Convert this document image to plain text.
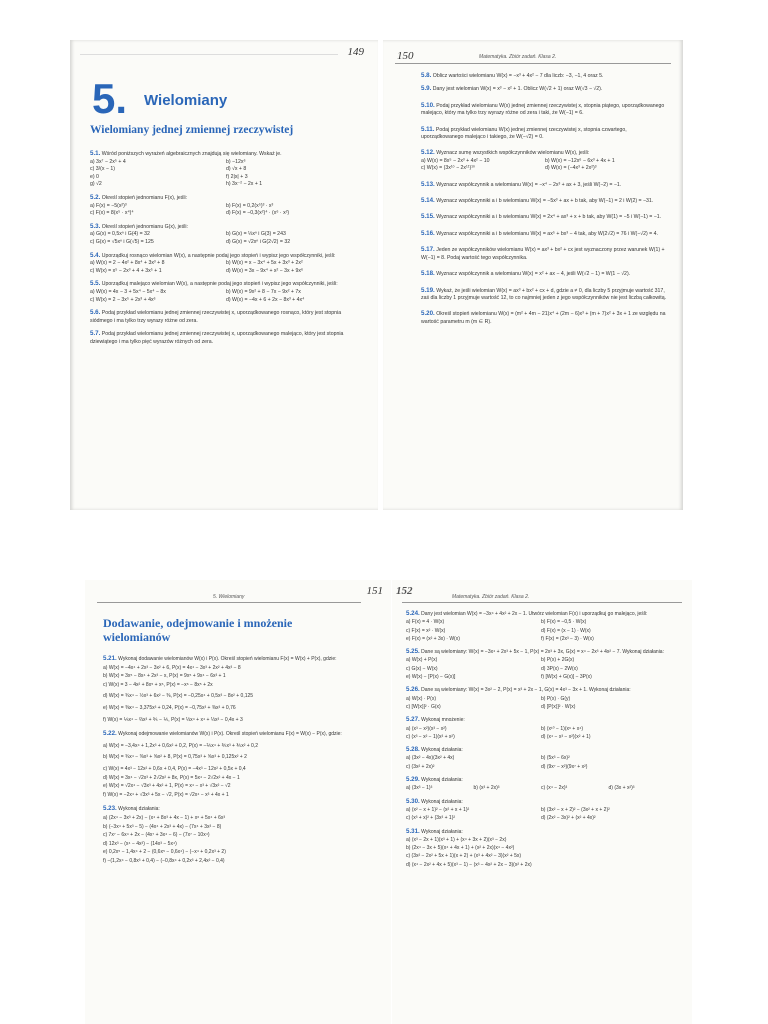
149
5. Wielomiany
Wielomiany jednej zmiennej rzeczywistej
5.1. Wśród poniższych wyrażeń algebraicznych znajdują się wielomiany. Wskaż je.
a) 3x⁷ − 2x⁵ + 4	b) −12x⁶
c) 3/(x − 1)	d) √x + 8
e) 0	f) 2|x| + 3
g) √2	h) 3x⁻² − 2x + 1
5.2. Określ stopień jednomianu F(x), jeśli:
a) F(x) = −5(x²)³	b) F(x) = 0,2(x⁵)³ · x³
c) F(x) = 8(x⁵ · x⁴)⁴	d) F(x) = −0,3(x²)⁴ · (x⁶ · x²)
5.3. Określ stopień jednomianu G(x), jeśli:
a) G(x) = 0,5xⁿ i G(4) = 32	b) G(x) = ⅓xⁿ i G(3) = 243
c) G(x) = √5xⁿ i G(√5) = 125	d) G(x) = √2xⁿ i G(2√2) = 32
5.4. Uporządkuj rosnąco wielomian W(x), a następnie podaj jego stopień i wypisz jego współczynniki, jeśli:
a) W(x) = 2 − 4x² + 8x⁴ + 3x³ + 8	b) W(x) = x − 3x⁴ + 5x + 3x³ + 2x²
c) W(x) = x⁵ − 2x³ + 4 + 3x⁵ + 1	d) W(x) = 3x − 9x⁴ + x² − 3x + 9x⁶
5.5. Uporządkuj malejąco wielomian W(x), a następnie podaj jego stopień i wypisz jego współczynniki, jeśli:
a) W(x) = 4x − 3 + 5x⁴ − 5x⁴ − 8x	b) W(x) = 9x² + 8 − 7x − 9x² + 7x
c) W(x) = 2 − 3x⁵ + 2x³ + 4x⁶	d) W(x) = −4x + 6 + 2x − 8x³ + 4x⁴
5.6. Podaj przykład wielomianu jednej zmiennej rzeczywistej x, uporządkowanego rosnąco, który jest stopnia siódmego i ma tylko trzy wyrazy różne od zera.
5.7. Podaj przykład wielomianu jednej zmiennej rzeczywistej x, uporządkowanego malejąco, który jest stopnia dziewiątego i ma tylko pięć wyrazów różnych od zera.
150	Matematyka. Zbiór zadań. Klasa 2.
5.8. Oblicz wartości wielomianu W(x) = −x³ + 4x² − 7 dla liczb: −3, −1, 4 oraz 5.
5.9. Dany jest wielomian W(x) = x³ − x² + 1. Oblicz W(√2 + 1) oraz W(√3 − √2).
5.10. Podaj przykład wielomianu W(x) jednej zmiennej rzeczywistej x, stopnia piątego, uporządkowanego malejąco, który ma tylko trzy wyrazy różne od zera i taki, że W(−1) = 6.
5.11. Podaj przykład wielomianu W(x) jednej zmiennej rzeczywistej x, stopnia czwartego, uporządkowanego malejąco i takiego, że W(−√2) = 0.
5.12. Wyznacz sumę wszystkich współczynników wielomianu W(x), jeśli:
a) W(x) = 8x⁵ − 2x³ + 4x² − 10	b) W(x) = −12x⁶ − 6x³ + 4x + 1
c) W(x) = (3x¹⁰ − 2x¹¹)¹⁰	d) W(x) = (−4x³ + 2x²)³
5.13. Wyznacz współczynnik a wielomianu W(x) = −x⁴ − 2x³ + ax + 3, jeśli W(−2) = −1.
5.14. Wyznacz współczynniki a i b wielomianu W(x) = −5x³ + ax + b tak, aby W(−1) = 2 i W(2) = −31.
5.15. Wyznacz współczynniki a i b wielomianu W(x) = 2x⁴ + ax³ + x + b tak, aby W(1) = −5 i W(−1) = −1.
5.16. Wyznacz współczynniki a i b wielomianu W(x) = ax⁵ + bx³ − 4 tak, aby W(2√2) = 76 i W(−√2) = 4.
5.17. Jeden ze współczynników wielomianu W(x) = ax³ + bx² + cx jest wyznaczony przez warunek W(1) + W(−1) = 8. Podaj wartość tego współczynnika.
5.18. Wyznacz współczynnik a wielomianu W(x) = x² + ax − 4, jeśli W(√2 − 1) = W(1 − √2).
5.19. Wykaż, że jeśli wielomian W(x) = ax³ + bx² + cx + d, gdzie a ≠ 0, dla liczby 5 przyjmuje wartość 317, zaś dla liczby 1 przyjmuje wartość 12, to co najmniej jeden z jego współczynników nie jest liczbą całkowitą.
5.20. Określ stopień wielomianu W(x) = (m² + 4m − 21)x⁴ + (2m − 6)x³ + (m + 7)x² + 3x + 1 ze względu na wartość parametru m (m ∈ R).
5. Wielomiany	151
Dodawanie, odejmowanie i mnożenie wielomianów
5.21. Wykonaj dodawanie wielomianów W(x) i P(x). Określ stopień wielomianu F(x) = W(x) + P(x), gdzie:
a) W(x) = −4x⁴ + 2x³ − 3x² + 6, P(x) = 4x⁴ − 3x³ + 2x² + 4x³ − 8
b) W(x) = 3x⁵ − 8x⁴ + 2x³ − x, P(x) = 9x⁵ + 9x⁴ − 6x³ + 1
c) W(x) = 3 − 4x² + 8x⁵ + x⁶, P(x) = −x⁶ − 8x⁵ + 2x
d) W(x) = ¾x⁴ − ½x³ + 6x² − ⅜, P(x) = −0,25x⁴ + 0,5x³ − 8x² + 0,125
e) W(x) = ⅜x⁴ − 3,375x³ + 0,24, P(x) = −0,75x³ + ⅜x³ + 0,76
f) W(x) = ⅙x⁴ − ⅔x³ + ⅗ − ⅕, P(x) = ⅓x⁴ + x⁴ + ⅓x³ − 0,4x + 3
5.22. Wykonaj odejmowanie wielomianów W(x) i P(x). Określ stopień wielomianu F(x) = W(x) − P(x), gdzie:
a) W(x) = −3,4x⁴ + 1,2x³ + 0,6x² + 0,2, P(x) = −⅖x⁴ + ⅗x³ + ⅗x² + 0,2
b) W(x) = ¾x⁴ − ⅜x³ + ⅝x² + 8, P(x) = 0,75x³ + ⅝x³ + 0,125x² + 2
c) W(x) = 4x³ − 12x² + 0,6x + 0,4, P(x) = −4x³ − 12x² + 0,5x + 0,4
d) W(x) = 3x⁴ − √2x³ + 2√2x² + 8x, P(x) = 5x⁴ − 2√2x² + 4x − 1
e) W(x) = √2x⁴ − √3x³ + 4x² + 1, P(x) = x⁴ − x³ + √3x² − √2
f) W(x) = −2x⁴ + √3x³ + 5x − √2, P(x) = √2x⁴ − x³ + 4x + 1
5.23. Wykonaj działania:
a) (2x⁴ − 3x³ + 2x) − (x⁴ + 8x³ + 4x − 1) + x⁶ + 5x⁴ + 6x³
b) (−3x⁴ + 5x³ − 5) − (4x⁴ + 2x³ + 4x) − (7x⁴ + 3x³ − 8)
c) 7x⁷ − 6x⁴ + 2x − (4x⁷ + 3x⁴ − 6) − (7x⁷ − 10x⁴)
d) 12x³ − (x⁴ − 4x³) − (14x³ − 5x⁴)
e) 0,2x⁵ − 1,4x⁴ + 2 − (0,6x⁵ − 0,6x⁴) − (−x⁴ + 0,2x³ + 2)
f) −(1,2x⁴ − 0,8x³ + 0,4) − (−0,8x⁴ + 0,2x³ + 2,4x² − 0,4)
152	Matematyka. Zbiór zadań. Klasa 2.
5.24. Dany jest wielomian W(x) = −3x⁴ + 4x² + 2x − 1. Utwórz wielomian F(x) i uporządkuj go malejąco, jeśli:
a) F(x) = 4 · W(x)	b) F(x) = −0,5 · W(x)
c) F(x) = x² · W(x)	d) F(x) = (x − 1) · W(x)
e) F(x) = (x² + 3x) · W(x)	f) F(x) = (2x³ − 3) · W(x)
5.25. Dane są wielomiany: W(x) = −3x⁴ + 2x³ + 5x − 1, P(x) = 2x³ + 3x, G(x) = x⁴ − 2x³ + 4x² − 7. Wykonaj działania:
a) W(x) + P(x)	b) P(x) + 2G(x)
c) G(x) − W(x)	d) 3P(x) − 2W(x)
e) W(x) − [P(x) − G(x)]	f) [W(x) + G(x)] − 3P(x)
5.26. Dane są wielomiany: W(x) = 3x² − 2, P(x) = x³ + 2x − 1, G(x) = 4x³ − 3x + 1. Wykonaj działania:
a) W(x) · P(x)	b) P(x) · G(y)
c) [W(x)]² · G(x)	d) [P(x)]² · W(x)
5.27. Wykonaj mnożenie:
a) (x³ − x²)(x³ − x²)	b) (x¹⁰ − 1)(x⁶ + x⁴)
c) (x³ − x² − 1)(x³ + x²)	d) (x⁴ − x³ − x²)(x² + 1)
5.28. Wykonaj działania:
a) (3x² − 4x)(3x² + 4x)	b) (5x³ − 6x)²
c) (3x² + 2x)²	d) (9x⁷ − x²)(9x⁷ + x²)
5.29. Wykonaj działania:
a) (3x³ − 1)³	b) (x³ + 2x)³	c) (x⁴ − 2x)³	d) (3x + x²)³
5.30. Wykonaj działania:
a) (x² − x + 1)² − (x² + x + 1)²	b) (3x² − x + 2)² − (3x² + x + 2)²
c) (x³ + x)² + (3x³ + 1)²	d) (2x² − 3x)² + (x² + 4x)²
5.31. Wykonaj działania:
a) (x³ − 2x + 1)(x³ + 1) + (x⁴ + 3x + 2)(x³ − 2x)
b) (2x⁴ − 3x + 5)(x⁴ + 4x + 1) + (x² + 2x)(x⁴ − 4x²)
c) (3x² − 2x² + 5x + 1)(x + 2) + (x³ + 4x² − 3)(x² + 5x)
d) (x⁴ − 2x² + 4x + 5)(x³ − 1) − (x³ − 4x² + 2x − 3)(x² + 2x)
